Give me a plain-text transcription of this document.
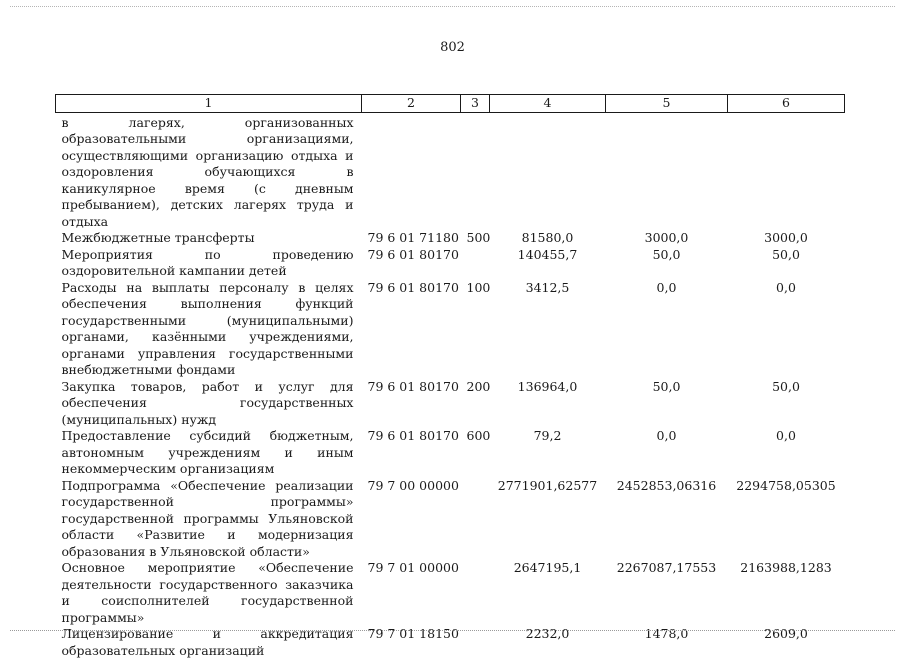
802
1	2	3	4	5	6

в лагерях, организованных образовательными организациями, осуществляющими организацию отдыха и оздоровления обучающихся в каникулярное время (с дневным пребыванием), детских лагерях труда и отдыха					
Межбюджетные трансферты	79 6 01 71180	500	81580,0	3000,0	3000,0
Мероприятия по проведению оздоровительной кампании детей	79 6 01 80170		140455,7	50,0	50,0
Расходы на выплаты персоналу в целях обеспечения выполнения функций государственными (муниципальными) органами, казёнными учреждениями, органами управления государственными внебюджетными фондами	79 6 01 80170	100	3412,5	0,0	0,0
Закупка товаров, работ и услуг для обеспечения государственных (муниципальных) нужд	79 6 01 80170	200	136964,0	50,0	50,0
Предоставление субсидий бюджетным, автономным учреждениям и иным некоммерческим организациям	79 6 01 80170	600	79,2	0,0	0,0
Подпрограмма «Обеспечение реализации государственной программы» государственной программы Ульяновской области «Развитие и модернизация образования в Ульяновской области»	79 7 00 00000		2771901,62577	2452853,06316	2294758,05305
Основное мероприятие «Обеспечение деятельности государственного заказчика и соисполнителей государственной программы»	79 7 01 00000		2647195,1	2267087,17553	2163988,1283
Лицензирование и аккредитация образовательных организаций	79 7 01 18150		2232,0	1478,0	2609,0
